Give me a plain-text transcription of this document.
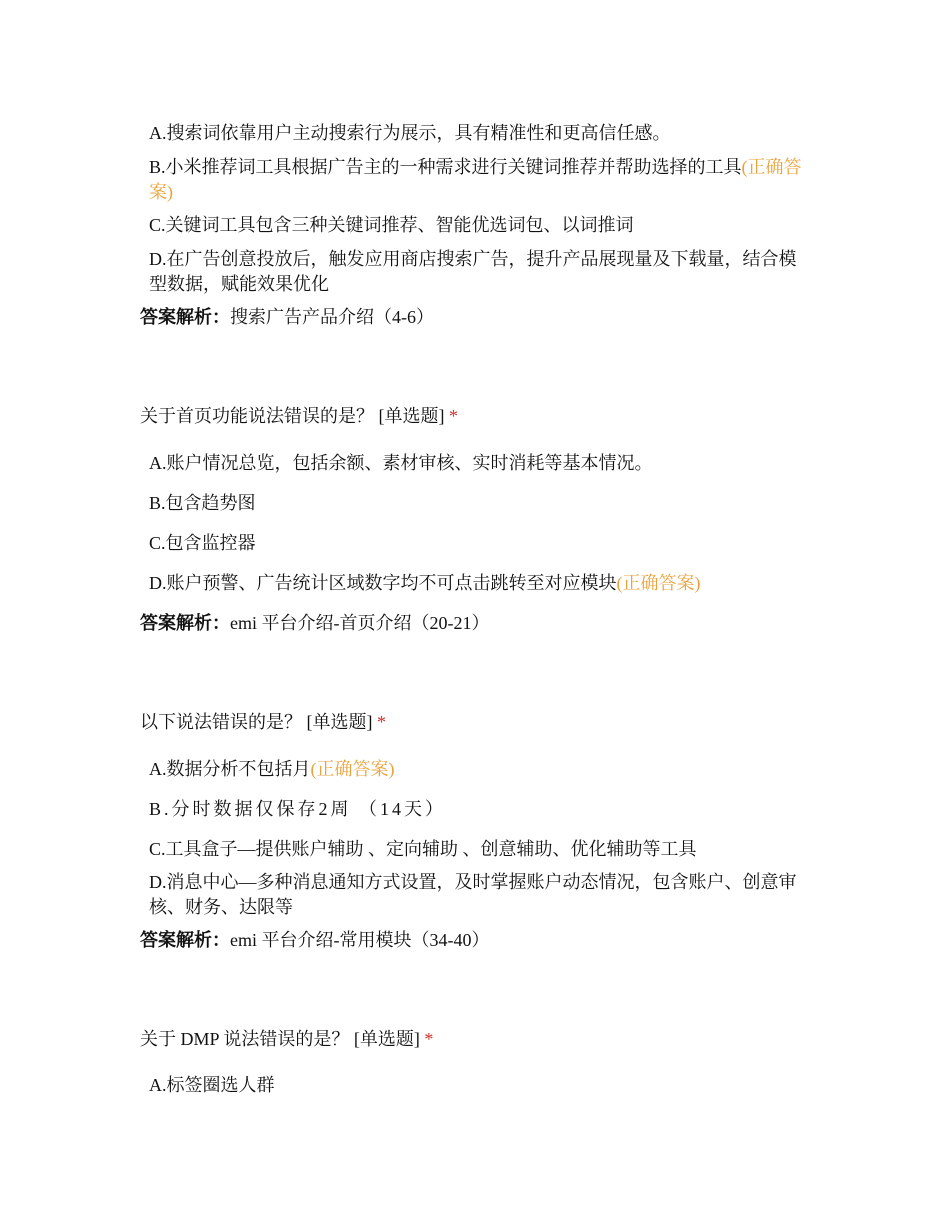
A.搜索词依靠用户主动搜索行为展示，具有精准性和更高信任感。
B.小米推荐词工具根据广告主的一种需求进行关键词推荐并帮助选择的工具(正确答案)
C.关键词工具包含三种关键词推荐、智能优选词包、以词推词
D.在广告创意投放后，触发应用商店搜索广告，提升产品展现量及下载量，结合模型数据，赋能效果优化
答案解析：搜索广告产品介绍（4-6）
关于首页功能说法错误的是？ [单选题] *
A.账户情况总览，包括余额、素材审核、实时消耗等基本情况。
B.包含趋势图
C.包含监控器
D.账户预警、广告统计区域数字均不可点击跳转至对应模块(正确答案)
答案解析：emi 平台介绍-首页介绍（20-21）
以下说法错误的是？ [单选题] *
A.数据分析不包括月(正确答案)
B.分时数据仅保存2周 （14天）
C.工具盒子—提供账户辅助 、定向辅助 、创意辅助、优化辅助等工具
D.消息中心—多种消息通知方式设置，及时掌握账户动态情况，包含账户、创意审核、财务、达限等
答案解析：emi 平台介绍-常用模块（34-40）
关于 DMP 说法错误的是？ [单选题] *
A.标签圈选人群
